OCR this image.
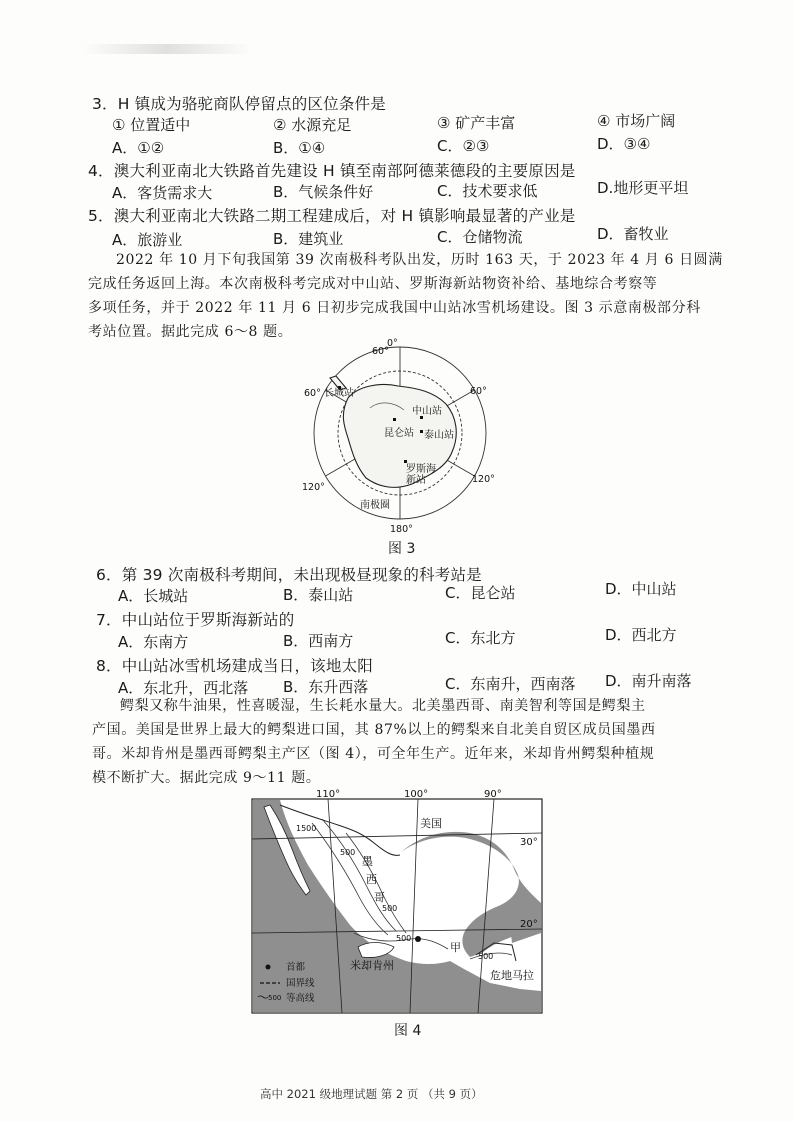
3．H 镇成为骆驼商队停留点的区位条件是
① 位置适中	② 水源充足	③ 矿产丰富	④ 市场广阔
A．①②	B．①④	C．②③	D．③④
4．澳大利亚南北大铁路首先建设 H 镇至南部阿德莱德段的主要原因是
A．客货需求大	B．气候条件好	C．技术要求低	D.地形更平坦
5．澳大利亚南北大铁路二期工程建成后，对 H 镇影响最显著的产业是
A．旅游业	B．建筑业	C．仓储物流	D．畜牧业
2022 年 10 月下旬我国第 39 次南极科考队出发，历时 163 天，于 2023 年 4 月 6 日圆满
完成任务返回上海。本次南极科考完成对中山站、罗斯海新站物资补给、基地综合考察等
多项任务，并于 2022 年 11 月 6 日初步完成我国中山站冰雪机场建设。图 3 示意南极部分科
考站位置。据此完成 6～8 题。
0°
60°
60°	60°
120°
120°
180°
长城站
昆仑站
中山站
泰山站
罗斯海
新站
南极圈
图 3
6．第 39 次南极科考期间，未出现极昼现象的科考站是
A．长城站	B．泰山站	C．昆仑站	D．中山站
7．中山站位于罗斯海新站的
A．东南方	B．西南方	C．东北方	D．西北方
8．中山站冰雪机场建成当日，该地太阳
A．东北升，西北落 B．东升西落	C．东南升，西南落 D．南升南落
鳄梨又称牛油果，性喜暖湿，生长耗水量大。北美墨西哥、南美智利等国是鳄梨主
产国。美国是世界上最大的鳄梨进口国，其 87%以上的鳄梨来自北美自贸区成员国墨西
哥。米却肯州是墨西哥鳄梨主产区（图 4），可全年生产。近年来，米却肯州鳄梨种植规
模不断扩大。据此完成 9～11 题。
110°	100°	90°
30°
20°
美国
墨
西
哥
危地马拉
米却肯州
甲
1500
500
500
500
500
首都
国界线
500 等高线
图 4
高中 2021 级地理试题 第 2 页 （共 9 页）
